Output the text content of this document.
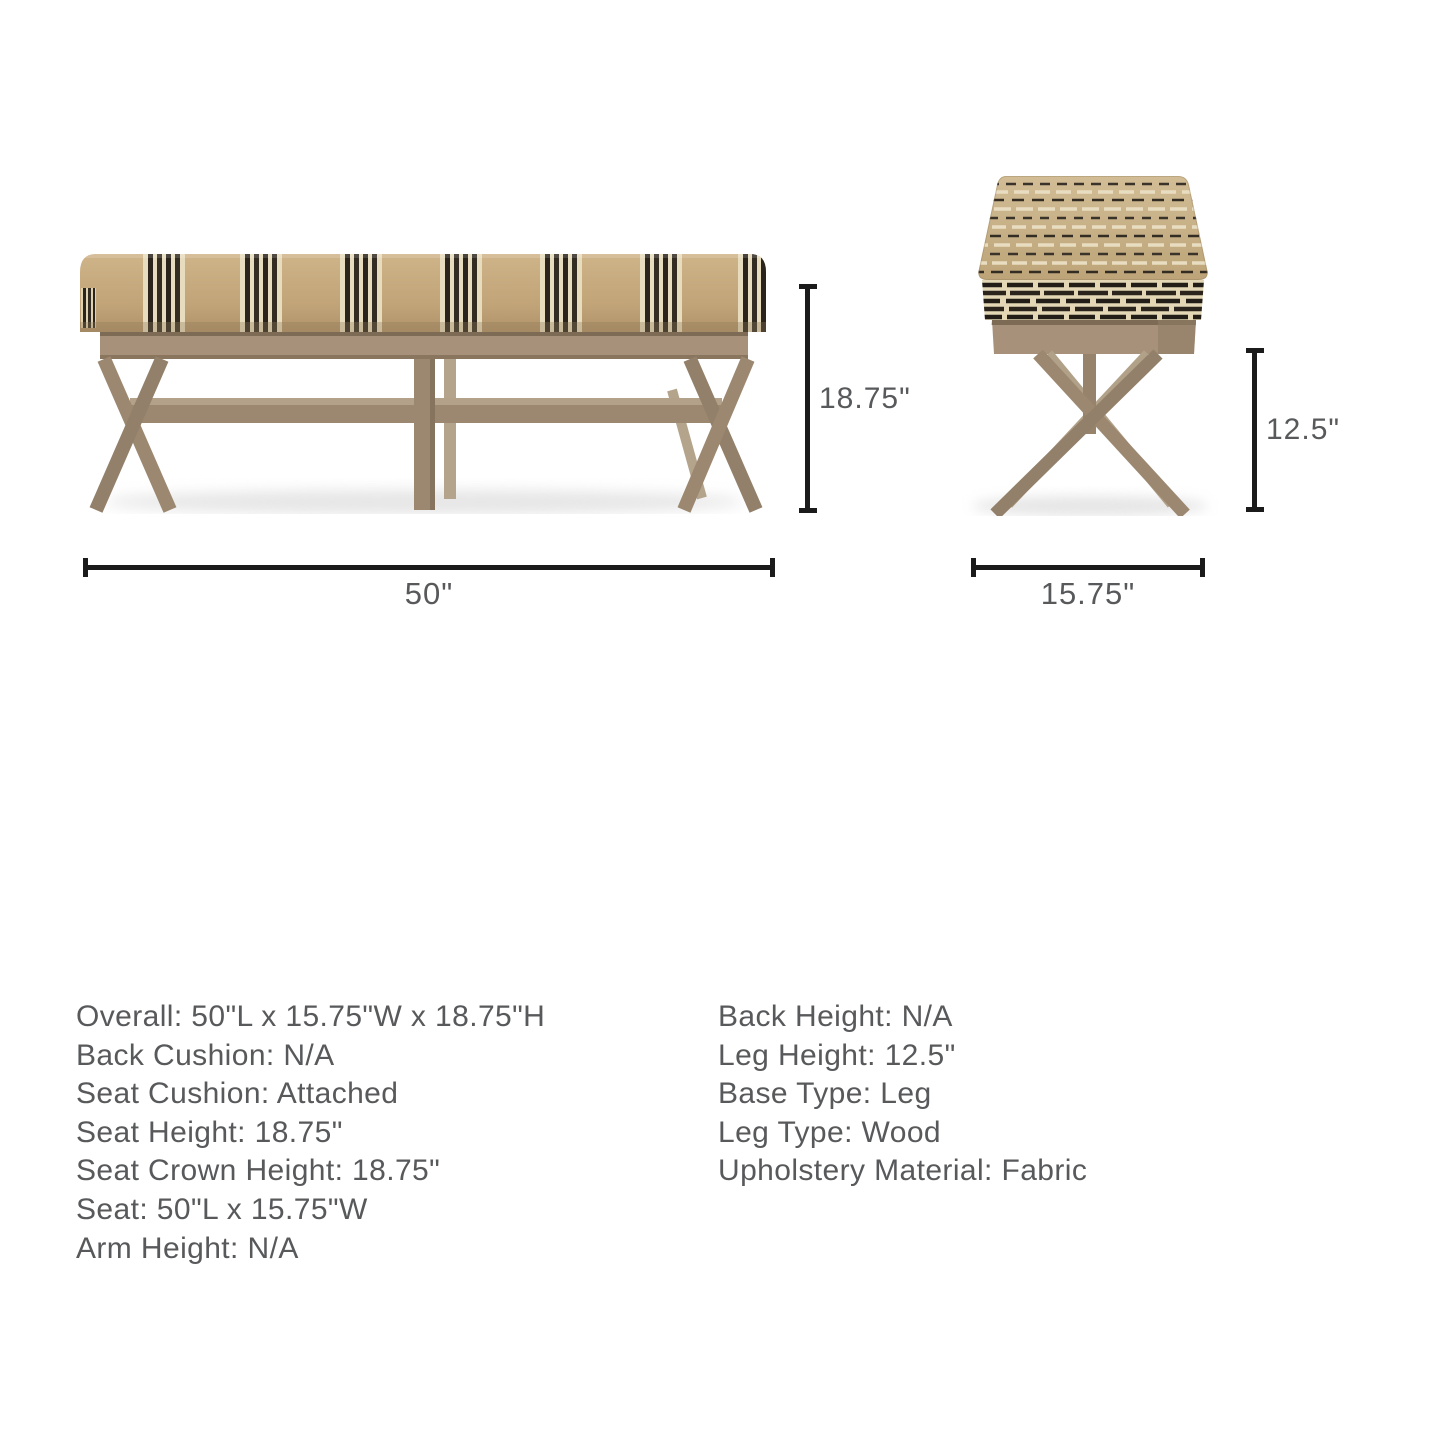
18.75"
12.5"
50"	15.75"
Overall: 50"L x 15.75"W x 18.75"H
Back Cushion: N/A
Seat Cushion: Attached
Seat Height: 18.75"
Seat Crown Height: 18.75"
Seat: 50"L x 15.75"W
Arm Height: N/A
Back Height: N/A
Leg Height: 12.5"
Base Type: Leg
Leg Type: Wood
Upholstery Material: Fabric
